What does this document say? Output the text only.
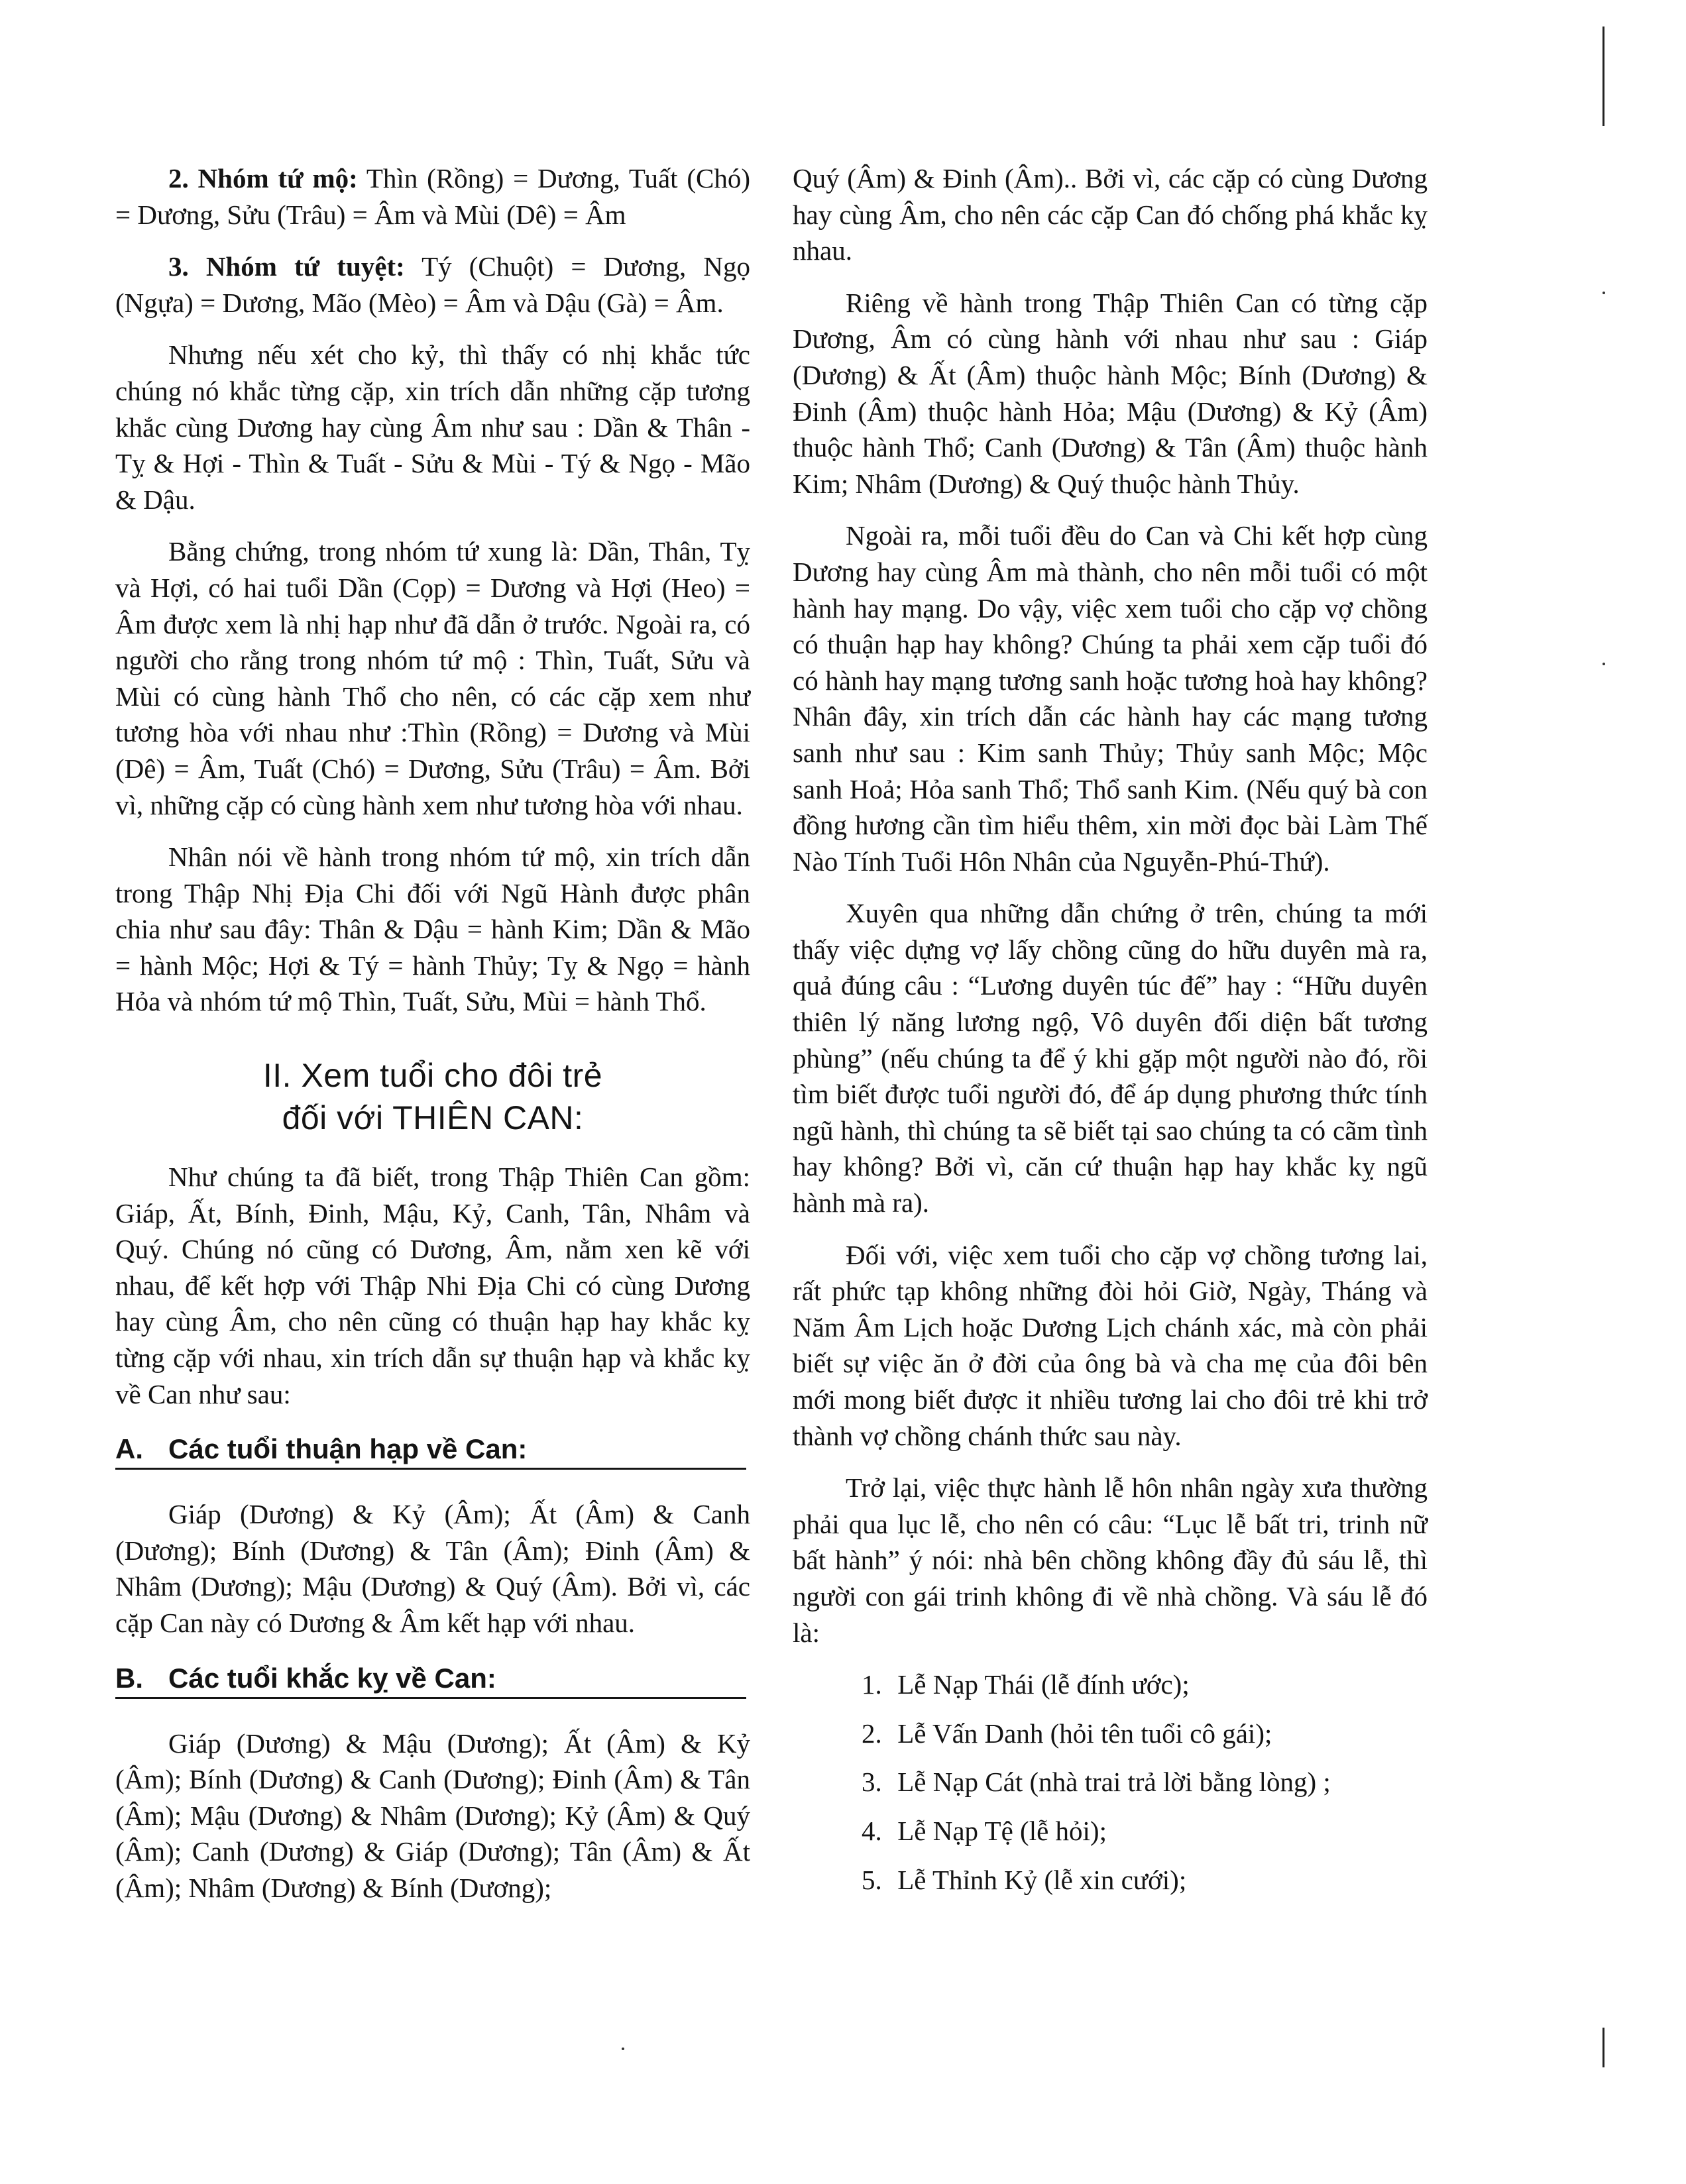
2. Nhóm tứ mộ: Thìn (Rồng) = Dương, Tuất (Chó) = Dương, Sửu (Trâu) = Âm và Mùi (Dê) = Âm

3. Nhóm tứ tuyệt: Tý (Chuột) = Dương, Ngọ (Ngựa) = Dương, Mão (Mèo) = Âm và Dậu (Gà) = Âm.

Nhưng nếu xét cho kỷ, thì thấy có nhị khắc tức chúng nó khắc từng cặp, xin trích dẫn những cặp tương khắc cùng Dương hay cùng Âm như sau : Dần & Thân - Tỵ & Hợi - Thìn & Tuất - Sửu & Mùi - Tý & Ngọ - Mão & Dậu.

Bằng chứng, trong nhóm tứ xung là: Dần, Thân, Tỵ và Hợi, có hai tuổi Dần (Cọp) = Dương và Hợi (Heo) = Âm được xem là nhị hạp như đã dẫn ở trước. Ngoài ra, có người cho rằng trong nhóm tứ mộ : Thìn, Tuất, Sửu và Mùi có cùng hành Thổ cho nên, có các cặp xem như tương hòa với nhau như :Thìn (Rồng) = Dương và Mùi (Dê) = Âm, Tuất (Chó) = Dương, Sửu (Trâu) = Âm. Bởi vì, những cặp có cùng hành xem như tương hòa với nhau.

Nhân nói về hành trong nhóm tứ mộ, xin trích dẫn trong Thập Nhị Địa Chi đối với Ngũ Hành được phân chia như sau đây: Thân & Dậu = hành Kim; Dần & Mão = hành Mộc; Hợi & Tý = hành Thủy; Tỵ & Ngọ = hành Hỏa và nhóm tứ mộ Thìn, Tuất, Sửu, Mùi = hành Thổ.

II. Xem tuổi cho đôi trẻ
đối với THIÊN CAN:

Như chúng ta đã biết, trong Thập Thiên Can gồm: Giáp, Ất, Bính, Đinh, Mậu, Kỷ, Canh, Tân, Nhâm và Quý. Chúng nó cũng có Dương, Âm, nằm xen kẽ với nhau, để kết hợp với Thập Nhi Địa Chi có cùng Dương hay cùng Âm, cho nên cũng có thuận hạp hay khắc kỵ từng cặp với nhau, xin trích dẫn sự thuận hạp và khắc kỵ về Can như sau:

A. Các tuổi thuận hạp về Can:

Giáp (Dương) & Kỷ (Âm); Ất (Âm) & Canh (Dương); Bính (Dương) & Tân (Âm); Đinh (Âm) & Nhâm (Dương); Mậu (Dương) & Quý (Âm). Bởi vì, các cặp Can này có Dương & Âm kết hạp với nhau.

B. Các tuổi khắc kỵ về Can:

Giáp (Dương) & Mậu (Dương); Ất (Âm) & Kỷ (Âm); Bính (Dương) & Canh (Dương); Đinh (Âm) & Tân (Âm); Mậu (Dương) & Nhâm (Dương); Kỷ (Âm) & Quý (Âm); Canh (Dương) & Giáp (Dương); Tân (Âm) & Ất (Âm); Nhâm (Dương) & Bính (Dương);

Quý (Âm) & Đinh (Âm).. Bởi vì, các cặp có cùng Dương hay cùng Âm, cho nên các cặp Can đó chống phá khắc kỵ nhau.

Riêng về hành trong Thập Thiên Can có từng cặp Dương, Âm có cùng hành với nhau như sau : Giáp (Dương) & Ất (Âm) thuộc hành Mộc; Bính (Dương) & Đinh (Âm) thuộc hành Hỏa; Mậu (Dương) & Kỷ (Âm) thuộc hành Thổ; Canh (Dương) & Tân (Âm) thuộc hành Kim; Nhâm (Dương) & Quý thuộc hành Thủy.

Ngoài ra, mỗi tuổi đều do Can và Chi kết hợp cùng Dương hay cùng Âm mà thành, cho nên mỗi tuổi có một hành hay mạng. Do vậy, việc xem tuổi cho cặp vợ chồng có thuận hạp hay không? Chúng ta phải xem cặp tuổi đó có hành hay mạng tương sanh hoặc tương hoà hay không? Nhân đây, xin trích dẫn các hành hay các mạng tương sanh như sau : Kim sanh Thủy; Thủy sanh Mộc; Mộc sanh Hoả; Hỏa sanh Thổ; Thổ sanh Kim. (Nếu quý bà con đồng hương cần tìm hiểu thêm, xin mời đọc bài Làm Thế Nào Tính Tuổi Hôn Nhân của Nguyễn-Phú-Thứ).

Xuyên qua những dẫn chứng ở trên, chúng ta mới thấy việc dựng vợ lấy chồng cũng do hữu duyên mà ra, quả đúng câu : “Lương duyên túc đế” hay : “Hữu duyên thiên lý năng lương ngộ, Vô duyên đối diện bất tương phùng” (nếu chúng ta để ý khi gặp một người nào đó, rồi tìm biết được tuổi người đó, để áp dụng phương thức tính ngũ hành, thì chúng ta sẽ biết tại sao chúng ta có cãm tình hay không? Bởi vì, căn cứ thuận hạp hay khắc kỵ ngũ hành mà ra).

Đối với, việc xem tuổi cho cặp vợ chồng tương lai, rất phức tạp không những đòi hỏi Giờ, Ngày, Tháng và Năm Âm Lịch hoặc Dương Lịch chánh xác, mà còn phải biết sự việc ăn ở đời của ông bà và cha mẹ của đôi bên mới mong biết được it nhiều tương lai cho đôi trẻ khi trở thành vợ chồng chánh thức sau này.

Trở lại, việc thực hành lễ hôn nhân ngày xưa thường phải qua lục lễ, cho nên có câu: “Lục lễ bất tri, trinh nữ bất hành” ý nói: nhà bên chồng không đầy đủ sáu lễ, thì người con gái trinh không đi về nhà chồng. Và sáu lễ đó là:

1. Lễ Nạp Thái (lễ đính ước);
2. Lễ Vấn Danh (hỏi tên tuổi cô gái);
3. Lễ Nạp Cát (nhà trai trả lời bằng lòng) ;
4. Lễ Nạp Tệ (lễ hỏi);
5. Lễ Thỉnh Kỷ (lễ xin cưới);
